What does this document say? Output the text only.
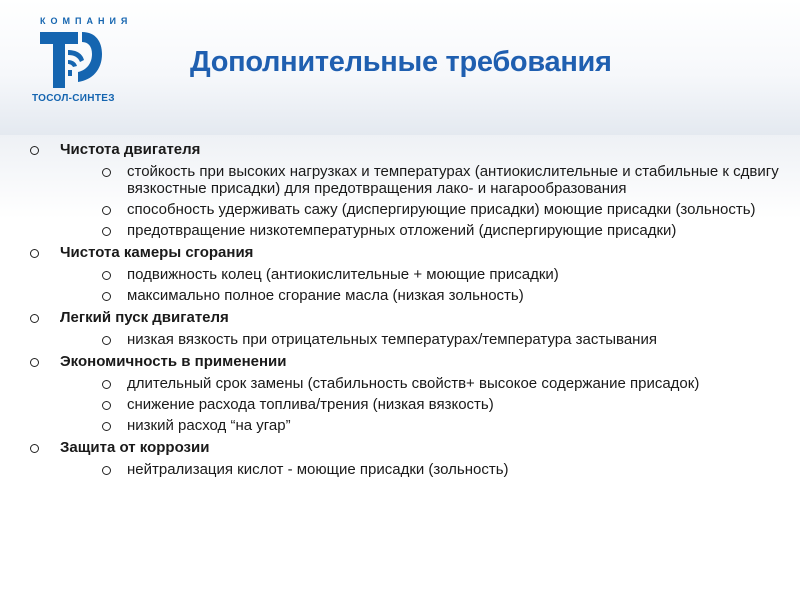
КОМПАНИЯ
ТОСОЛ-СИНТЕЗ
Дополнительные требования
Чистота двигателя
стойкость при высоких нагрузках и температурах (антиокислительные и стабильные к сдвигу вязкостные присадки) для предотвращения лако- и нагарообразования
способность удерживать сажу (диспергирующие присадки) моющие присадки (зольность)
предотвращение низкотемпературных отложений (диспергирующие присадки)
Чистота камеры сгорания
подвижность колец (антиокислительные + моющие присадки)
максимально полное сгорание масла (низкая зольность)
Легкий пуск двигателя
низкая вязкость при отрицательных температурах/температура застывания
Экономичность в применении
длительный срок замены (стабильность свойств+ высокое содержание присадок)
снижение расхода топлива/трения (низкая вязкость)
низкий расход “на угар”
Защита от коррозии
нейтрализация кислот - моющие присадки (зольность)
